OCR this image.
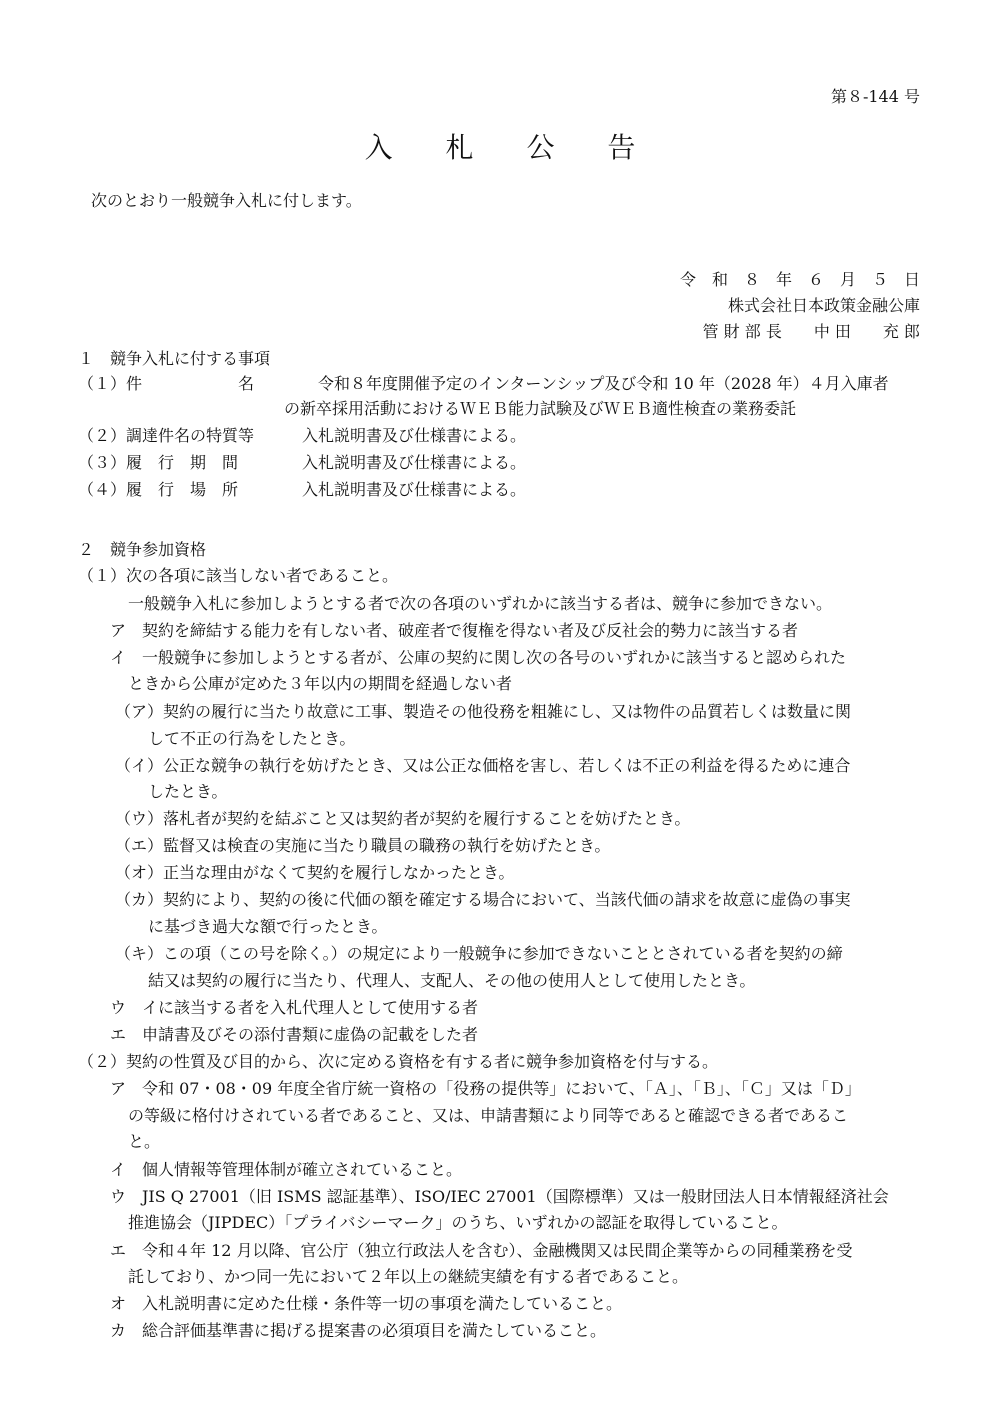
第８-144 号
入 札 公 告
次のとおり一般競争入札に付します。
令　和　８　年　６　月　５　日
株式会社日本政策金融公庫
管 財 部 長　　中 田　　充 郎
１　競争入札に付する事項
（１）件　　　　　　名	令和８年度開催予定のインターンシップ及び令和 10 年（2028 年）４月入庫者
の新卒採用活動におけるＷＥＢ能力試験及びＷＥＢ適性検査の業務委託
（２）調達件名の特質等	入札説明書及び仕様書による。
（３）履　行　期　間	入札説明書及び仕様書による。
（４）履　行　場　所	入札説明書及び仕様書による。
２　競争参加資格
（１）次の各項に該当しない者であること。
一般競争入札に参加しようとする者で次の各項のいずれかに該当する者は、競争に参加できない。
ア　契約を締結する能力を有しない者、破産者で復権を得ない者及び反社会的勢力に該当する者
イ　一般競争に参加しようとする者が、公庫の契約に関し次の各号のいずれかに該当すると認められた
ときから公庫が定めた３年以内の期間を経過しない者
（ア）契約の履行に当たり故意に工事、製造その他役務を粗雑にし、又は物件の品質若しくは数量に関
して不正の行為をしたとき。
（イ）公正な競争の執行を妨げたとき、又は公正な価格を害し、若しくは不正の利益を得るために連合
したとき。
（ウ）落札者が契約を結ぶこと又は契約者が契約を履行することを妨げたとき。
（エ）監督又は検査の実施に当たり職員の職務の執行を妨げたとき。
（オ）正当な理由がなくて契約を履行しなかったとき。
（カ）契約により、契約の後に代価の額を確定する場合において、当該代価の請求を故意に虚偽の事実
に基づき過大な額で行ったとき。
（キ）この項（この号を除く。）の規定により一般競争に参加できないこととされている者を契約の締
結又は契約の履行に当たり、代理人、支配人、その他の使用人として使用したとき。
ウ　イに該当する者を入札代理人として使用する者
エ　申請書及びその添付書類に虚偽の記載をした者
（２）契約の性質及び目的から、次に定める資格を有する者に競争参加資格を付与する。
ア　令和 07・08・09 年度全省庁統一資格の「役務の提供等」において、「Ａ」、「Ｂ」、「Ｃ」又は「Ｄ」
の等級に格付けされている者であること、又は、申請書類により同等であると確認できる者であるこ
と。
イ　個人情報等管理体制が確立されていること。
ウ　JIS Q 27001（旧 ISMS 認証基準）、ISO/IEC 27001（国際標準）又は一般財団法人日本情報経済社会
推進協会（JIPDEC）「プライバシーマーク」のうち、いずれかの認証を取得していること。
エ　令和４年 12 月以降、官公庁（独立行政法人を含む）、金融機関又は民間企業等からの同種業務を受
託しており、かつ同一先において２年以上の継続実績を有する者であること。
オ　入札説明書に定めた仕様・条件等一切の事項を満たしていること。
カ　総合評価基準書に掲げる提案書の必須項目を満たしていること。
